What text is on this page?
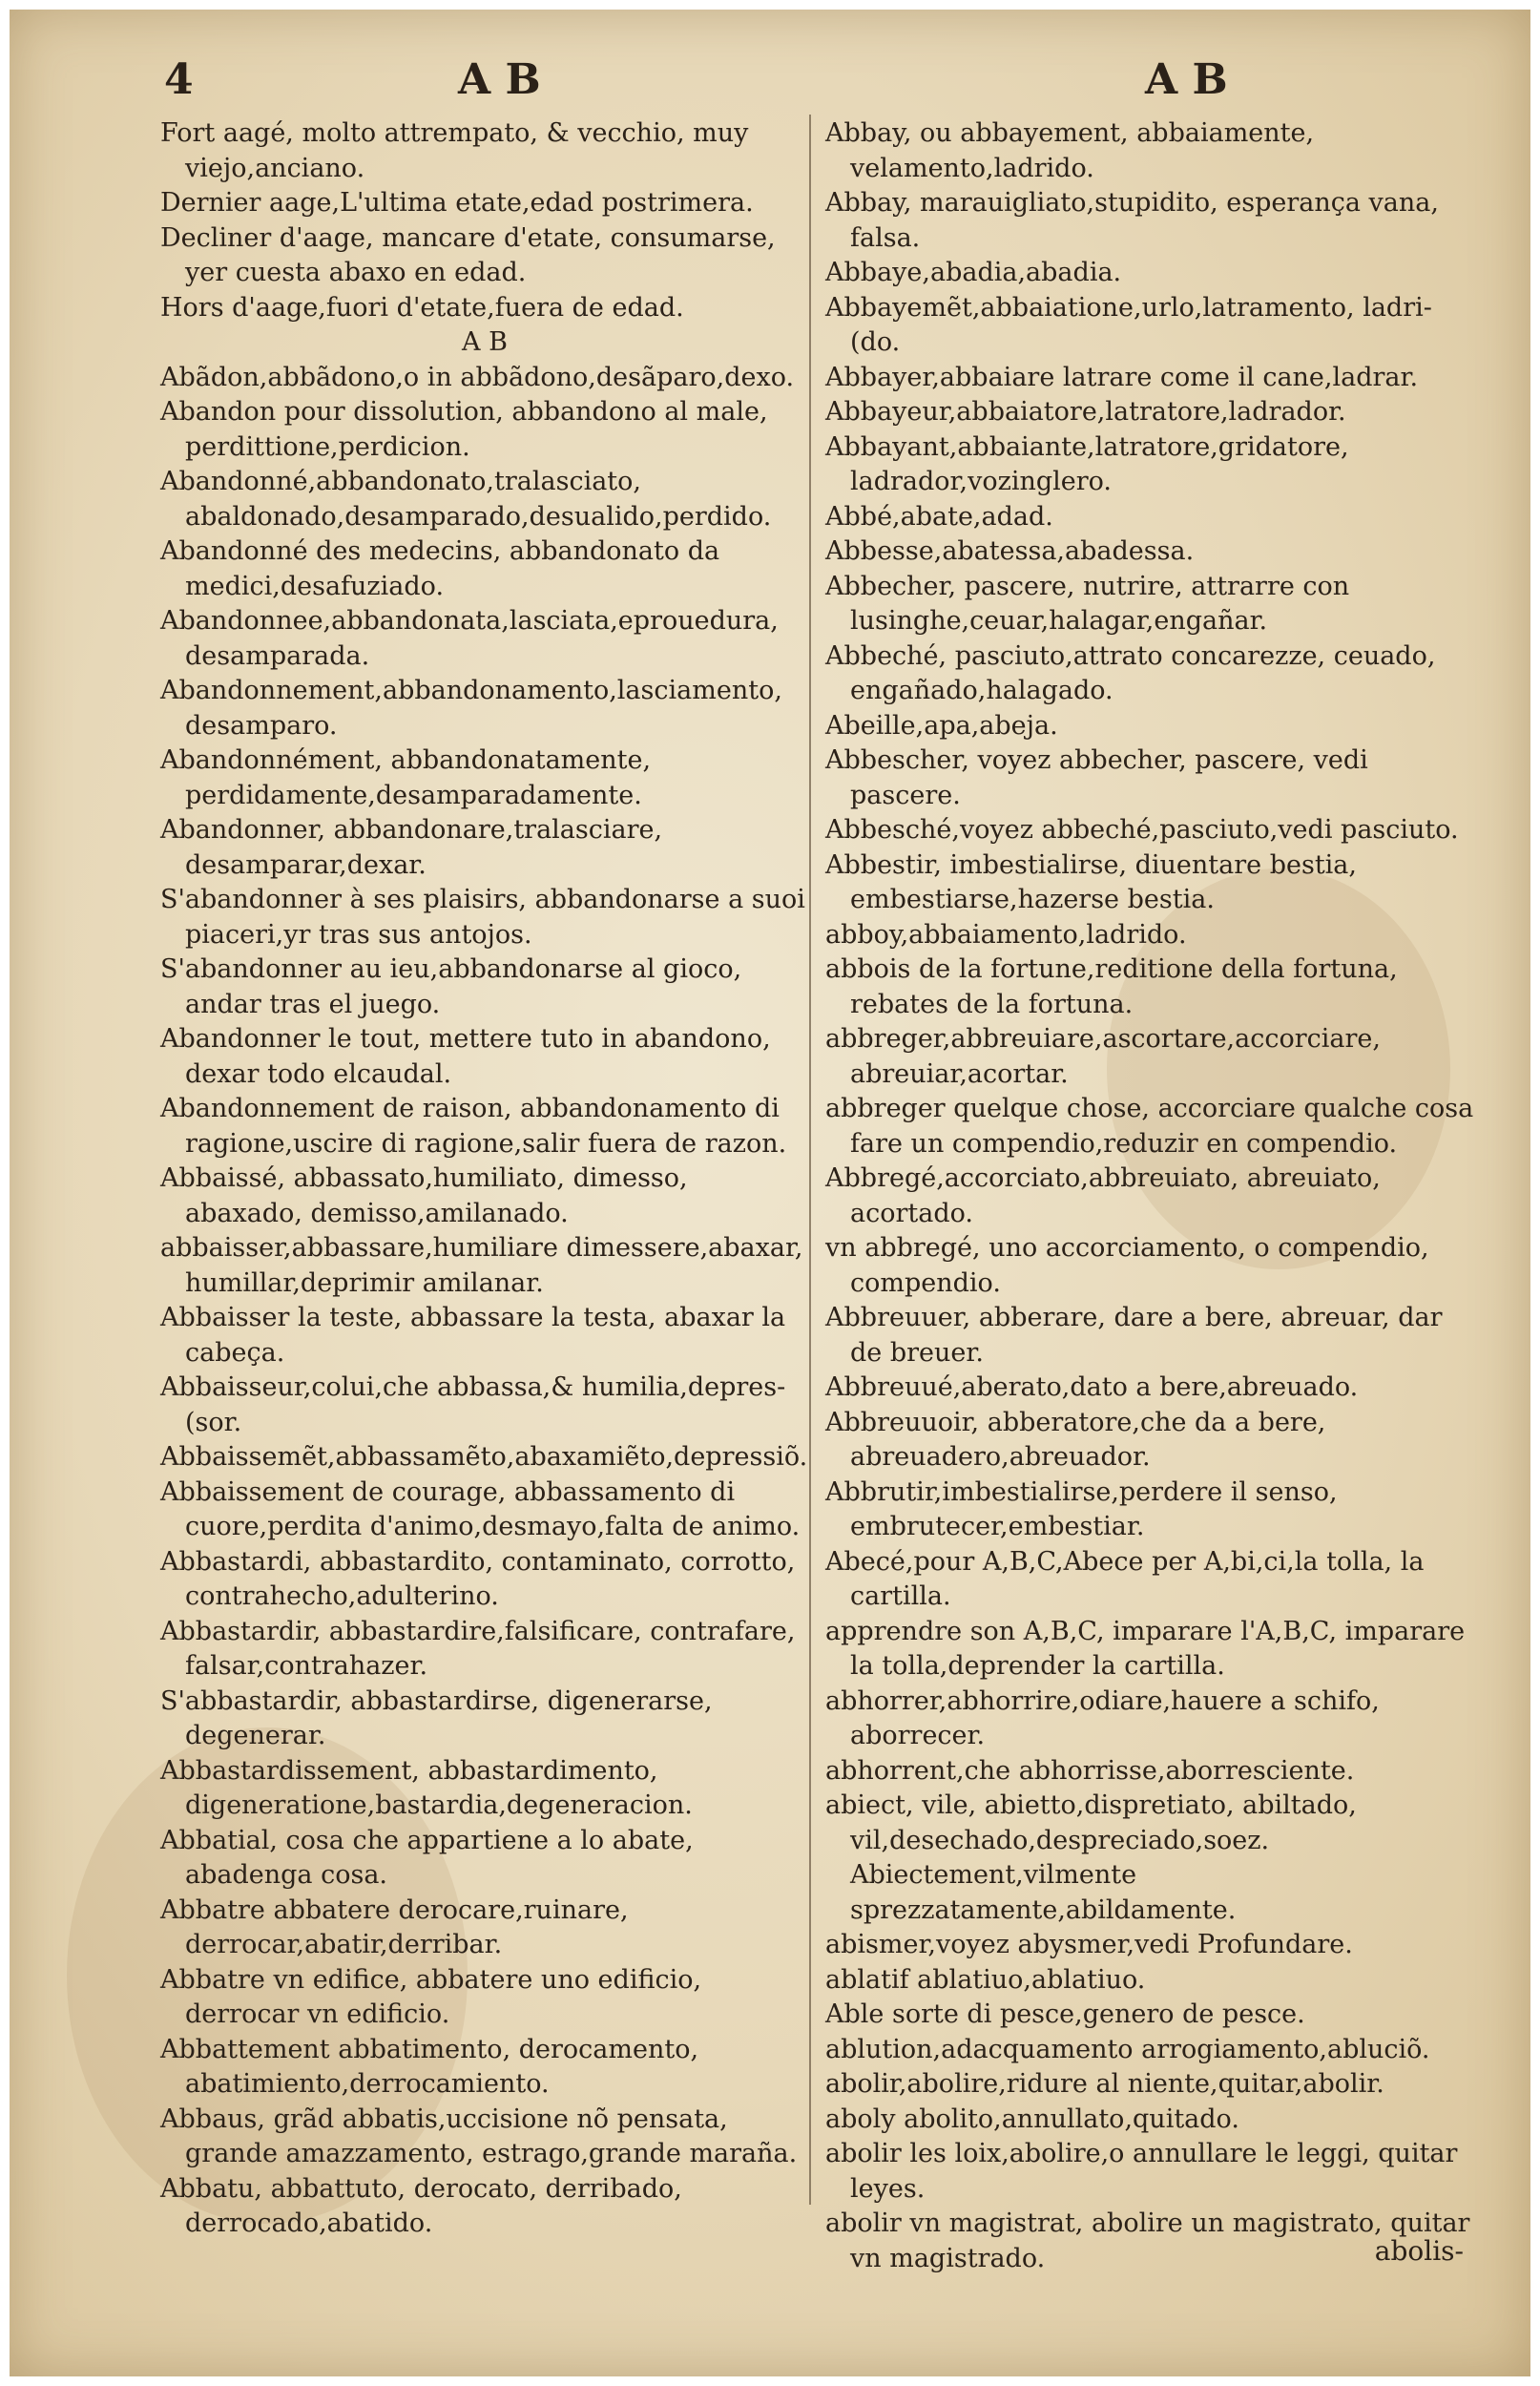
4	A B	A B

Fort aagé, molto attrempato, & vecchio, muy viejo,anciano.

Dernier aage,L'ultima etate,edad postrimera.

Decliner d'aage, mancare d'etate, consumarse, yer cuesta abaxo en edad.

Hors d'aage,fuori d'etate,fuera de edad.

A B

Abãdon,abbãdono,o in abbãdono,desãparo,dexo.

Abandon pour dissolution, abbandono al male, perdittione,perdicion.

Abandonné,abbandonato,tralasciato, abaldonado,desamparado,desualido,perdido.

Abandonné des medecins, abbandonato da medici,desafuziado.

Abandonnee,abbandonata,lasciata,eprouedura, desamparada.

Abandonnement,abbandonamento,lasciamento, desamparo.

Abandonnément, abbandonatamente, perdidamente,desamparadamente.

Abandonner, abbandonare,tralasciare, desamparar,dexar.

S'abandonner à ses plaisirs, abbandonarse a suoi piaceri,yr tras sus antojos.

S'abandonner au ieu,abbandonarse al gioco, andar tras el juego.

Abandonner le tout, mettere tuto in abandono, dexar todo elcaudal.

Abandonnement de raison, abbandonamento di ragione,uscire di ragione,salir fuera de razon.

Abbaissé, abbassato,humiliato, dimesso, abaxado, demisso,amilanado.

abbaisser,abbassare,humiliare dimessere,abaxar, humillar,deprimir amilanar.

Abbaisser la teste, abbassare la testa, abaxar la cabeça.

Abbaisseur,colui,che abbassa,& humilia,depres-(sor.

Abbaissemẽt,abbassamẽto,abaxamiẽto,depressiõ.

Abbaissement de courage, abbassamento di cuore,perdita d'animo,desmayo,falta de animo.

Abbastardi, abbastardito, contaminato, corrotto, contrahecho,adulterino.

Abbastardir, abbastardire,falsificare, contrafare, falsar,contrahazer.

S'abbastardir, abbastardirse, digenerarse, degenerar.

Abbastardissement, abbastardimento, digeneratione,bastardia,degeneracion.

Abbatial, cosa che appartiene a lo abate, abadenga cosa.

Abbatre abbatere derocare,ruinare, derrocar,abatir,derribar.

Abbatre vn edifice, abbatere uno edificio, derrocar vn edificio.

Abbattement abbatimento, derocamento, abatimiento,derrocamiento.

Abbaus, grãd abbatis,uccisione nõ pensata, grande amazzamento, estrago,grande maraña.

Abbatu, abbattuto, derocato, derribado, derrocado,abatido.

Abbay, ou abbayement, abbaiamente, velamento,ladrido.

Abbay, marauigliato,stupidito, esperança vana, falsa.

Abbaye,abadia,abadia.

Abbayemẽt,abbaiatione,urlo,latramento, ladri-(do.

Abbayer,abbaiare latrare come il cane,ladrar.

Abbayeur,abbaiatore,latratore,ladrador.

Abbayant,abbaiante,latratore,gridatore, ladrador,vozinglero.

Abbé,abate,adad.

Abbesse,abatessa,abadessa.

Abbecher, pascere, nutrire, attrarre con lusinghe,ceuar,halagar,engañar.

Abbeché, pasciuto,attrato concarezze, ceuado, engañado,halagado.

Abeille,apa,abeja.

Abbescher, voyez abbecher, pascere, vedi pascere.

Abbesché,voyez abbeché,pasciuto,vedi pasciuto.

Abbestir, imbestialirse, diuentare bestia, embestiarse,hazerse bestia.

abboy,abbaiamento,ladrido.

abbois de la fortune,reditione della fortuna, rebates de la fortuna.

abbreger,abbreuiare,ascortare,accorciare, abreuiar,acortar.

abbreger quelque chose, accorciare qualche cosa fare un compendio,reduzir en compendio.

Abbregé,accorciato,abbreuiato, abreuiato, acortado.

vn abbregé, uno accorciamento, o compendio, compendio.

Abbreuuer, abberare, dare a bere, abreuar, dar de breuer.

Abbreuué,aberato,dato a bere,abreuado.

Abbreuuoir, abberatore,che da a bere, abreuadero,abreuador.

Abbrutir,imbestialirse,perdere il senso, embrutecer,embestiar.

Abecé,pour A,B,C,Abece per A,bi,ci,la tolla, la cartilla.

apprendre son A,B,C, imparare l'A,B,C, imparare la tolla,deprender la cartilla.

abhorrer,abhorrire,odiare,hauere a schifo, aborrecer.

abhorrent,che abhorrisse,aborresciente.

abiect, vile, abietto,dispretiato, abiltado, vil,desechado,despreciado,soez. Abiectement,vilmente sprezzatamente,abildamente.

abismer,voyez abysmer,vedi Profundare.

ablatif ablatiuo,ablatiuo.

Able sorte di pesce,genero de pesce.

ablution,adacquamento arrogiamento,abluciõ.

abolir,abolire,ridure al niente,quitar,abolir.

aboly abolito,annullato,quitado.

abolir les loix,abolire,o annullare le leggi, quitar leyes.

abolir vn magistrat, abolire un magistrato, quitar vn magistrado.	abolis-
